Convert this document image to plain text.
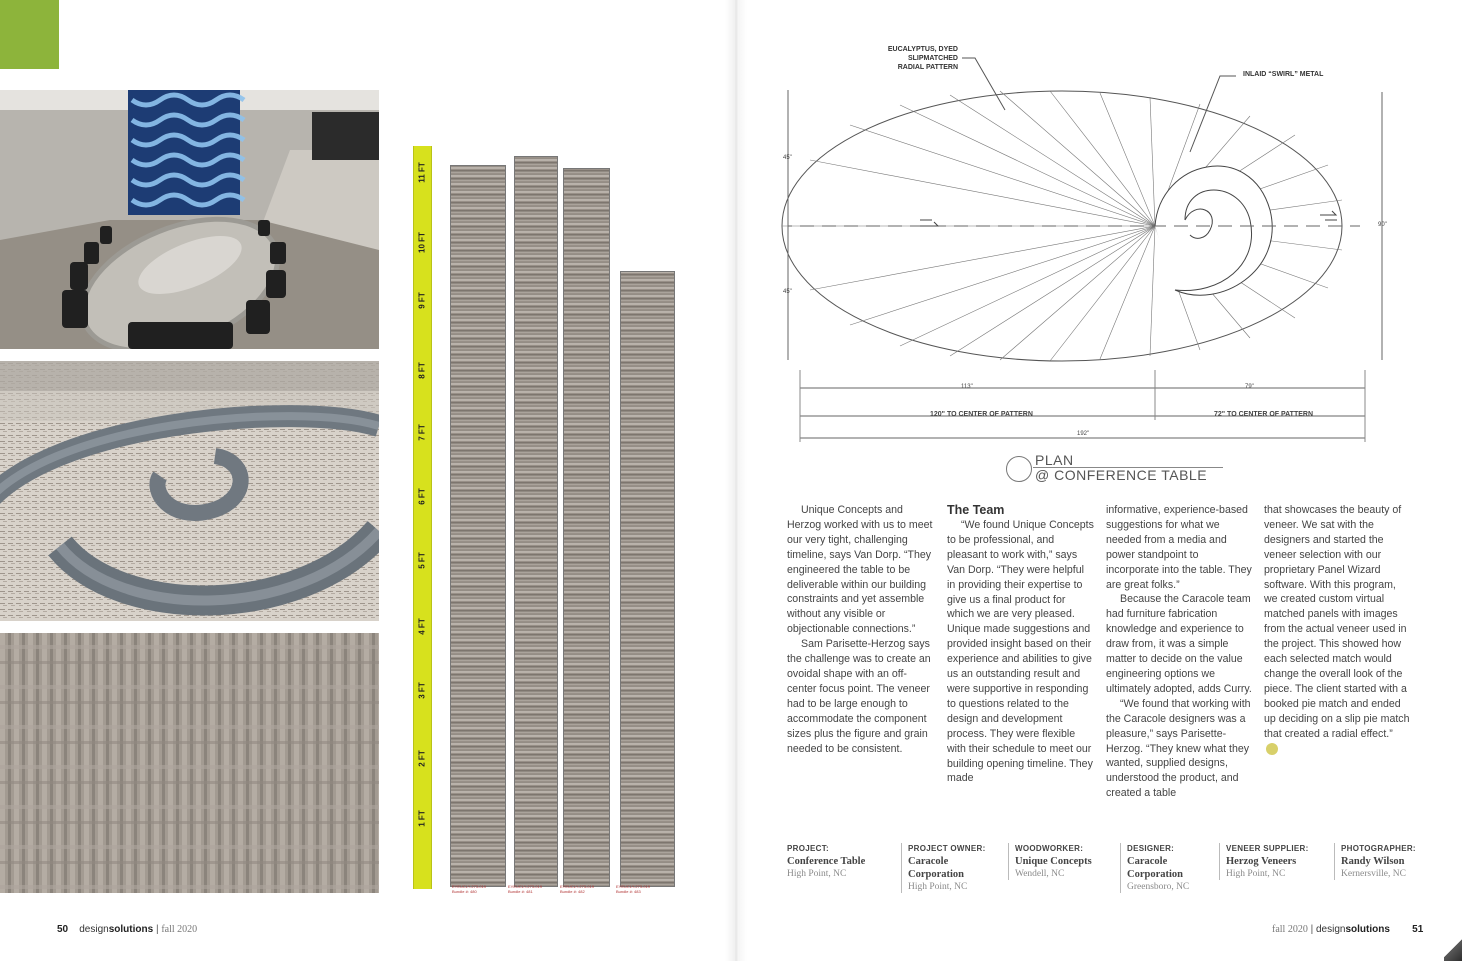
11 FT
10 FT
9 FT
8 FT
7 FT
6 FT
5 FT
4 FT
3 FT
2 FT
1 FT
EYEUCLY-273-019
Bundle #: 480
EYEUCLY-273-019
Bundle #: 481
EYEUCLY-273-019
Bundle #: 482
EYEUCLY-273-019
Bundle #: 483
50 designsolutions | fall 2020
EUCALYPTUS, DYED SLIPMATCHED
RADIAL PATTERN
INLAID “SWIRL” METAL
45"
45"
90"
113"	79"
120" TO CENTER OF PATTERN	72" TO CENTER OF PATTERN
192"
PLAN
@ CONFERENCE TABLE

Unique Concepts and Herzog worked with us to meet our very tight, challenging timeline, says Van Dorp. “They engineered the table to be deliverable within our building constraints and yet assemble without any visible or objectionable connections.”

Sam Parisette-Herzog says the challenge was to create an ovoidal shape with an off-center focus point. The veneer had to be large enough to accommodate the component sizes plus the figure and grain needed to be consistent.

The Team

“We found Unique Concepts to be professional, and pleasant to work with,” says Van Dorp. “They were helpful in providing their expertise to give us a final product for which we are very pleased. Unique made suggestions and provided insight based on their experience and abilities to give us an outstanding result and were supportive in responding to questions related to the design and development process. They were flexible with their schedule to meet our building opening timeline. They made

informative, experience-based suggestions for what we needed from a media and power standpoint to incorporate into the table. They are great folks.”

Because the Caracole team had furniture fabrication knowledge and experience to draw from, it was a simple matter to decide on the value engineering options we ultimately adopted, adds Curry.

“We found that working with the Caracole designers was a pleasure,” says Parisette-Herzog. “They knew what they wanted, supplied designs, understood the product, and created a table

that showcases the beauty of veneer. We sat with the designers and started the veneer selection with our proprietary Panel Wizard software. With this program, we created custom virtual matched panels with images from the actual veneer used in the project. This showed how each selected match would change the overall look of the piece. The client started with a booked pie match and ended up deciding on a slip pie match that created a radial effect.”

PROJECT:
Conference Table
High Point, NC
PROJECT OWNER:
Caracole Corporation
High Point, NC
WOODWORKER:
Unique Concepts
Wendell, NC
DESIGNER:
Caracole Corporation
Greensboro, NC
VENEER SUPPLIER:
Herzog Veneers
High Point, NC
PHOTOGRAPHER:
Randy Wilson
Kernersville, NC
fall 2020 | designsolutions 51
